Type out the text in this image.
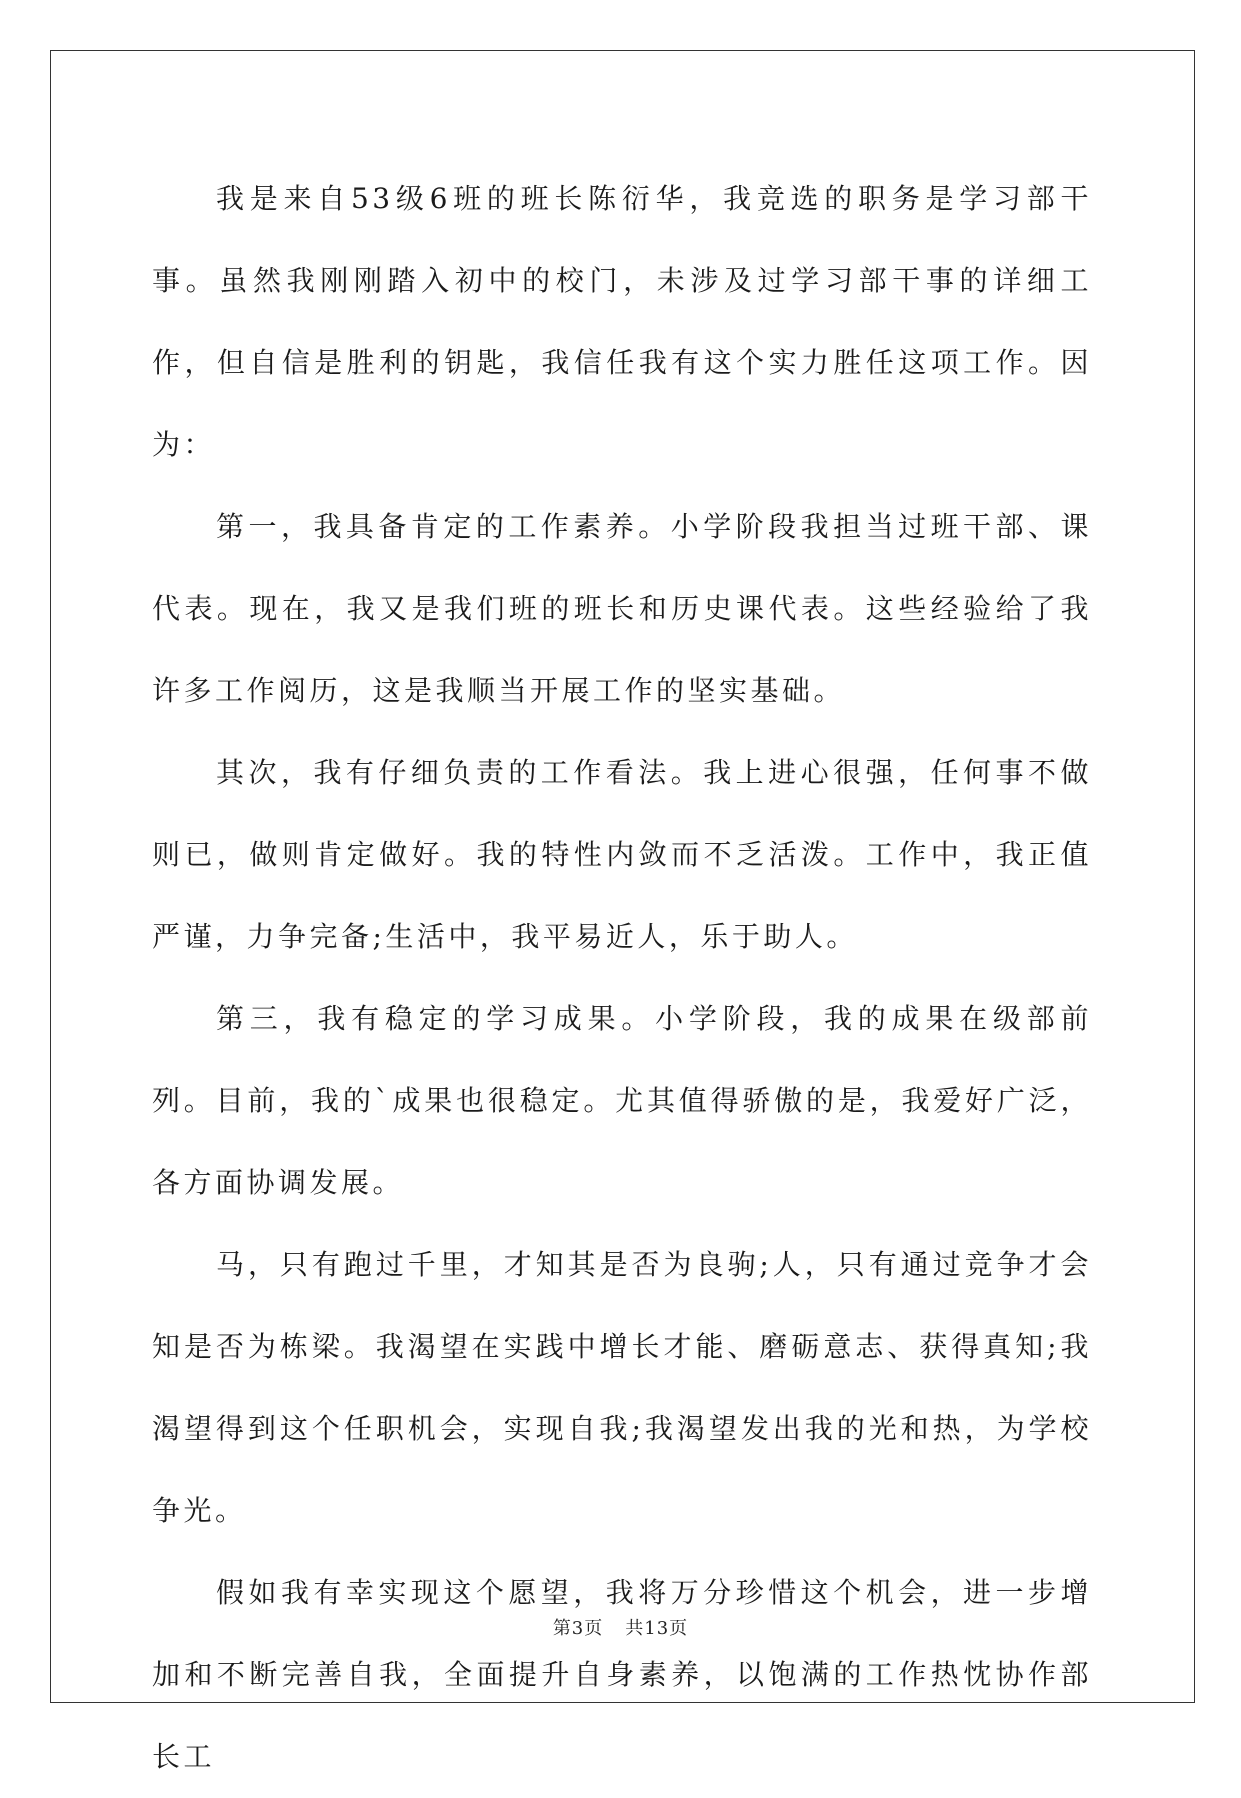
我是来自53级6班的班长陈衍华，我竞选的职务是学习部干事。虽然我刚刚踏入初中的校门，未涉及过学习部干事的详细工作，但自信是胜利的钥匙，我信任我有这个实力胜任这项工作。因为：

第一，我具备肯定的工作素养。小学阶段我担当过班干部、课代表。现在，我又是我们班的班长和历史课代表。这些经验给了我许多工作阅历，这是我顺当开展工作的坚实基础。

其次，我有仔细负责的工作看法。我上进心很强，任何事不做则已，做则肯定做好。我的特性内敛而不乏活泼。工作中，我正值严谨，力争完备;生活中，我平易近人，乐于助人。

第三，我有稳定的学习成果。小学阶段，我的成果在级部前列。目前，我的`成果也很稳定。尤其值得骄傲的是，我爱好广泛，各方面协调发展。

马，只有跑过千里，才知其是否为良驹;人，只有通过竞争才会知是否为栋梁。我渴望在实践中增长才能、磨砺意志、获得真知;我渴望得到这个任职机会，实现自我;我渴望发出我的光和热，为学校争光。

假如我有幸实现这个愿望，我将万分珍惜这个机会，进一步增加和不断完善自我，全面提升自身素养，以饱满的工作热忱协作部长工

第3页 共13页
